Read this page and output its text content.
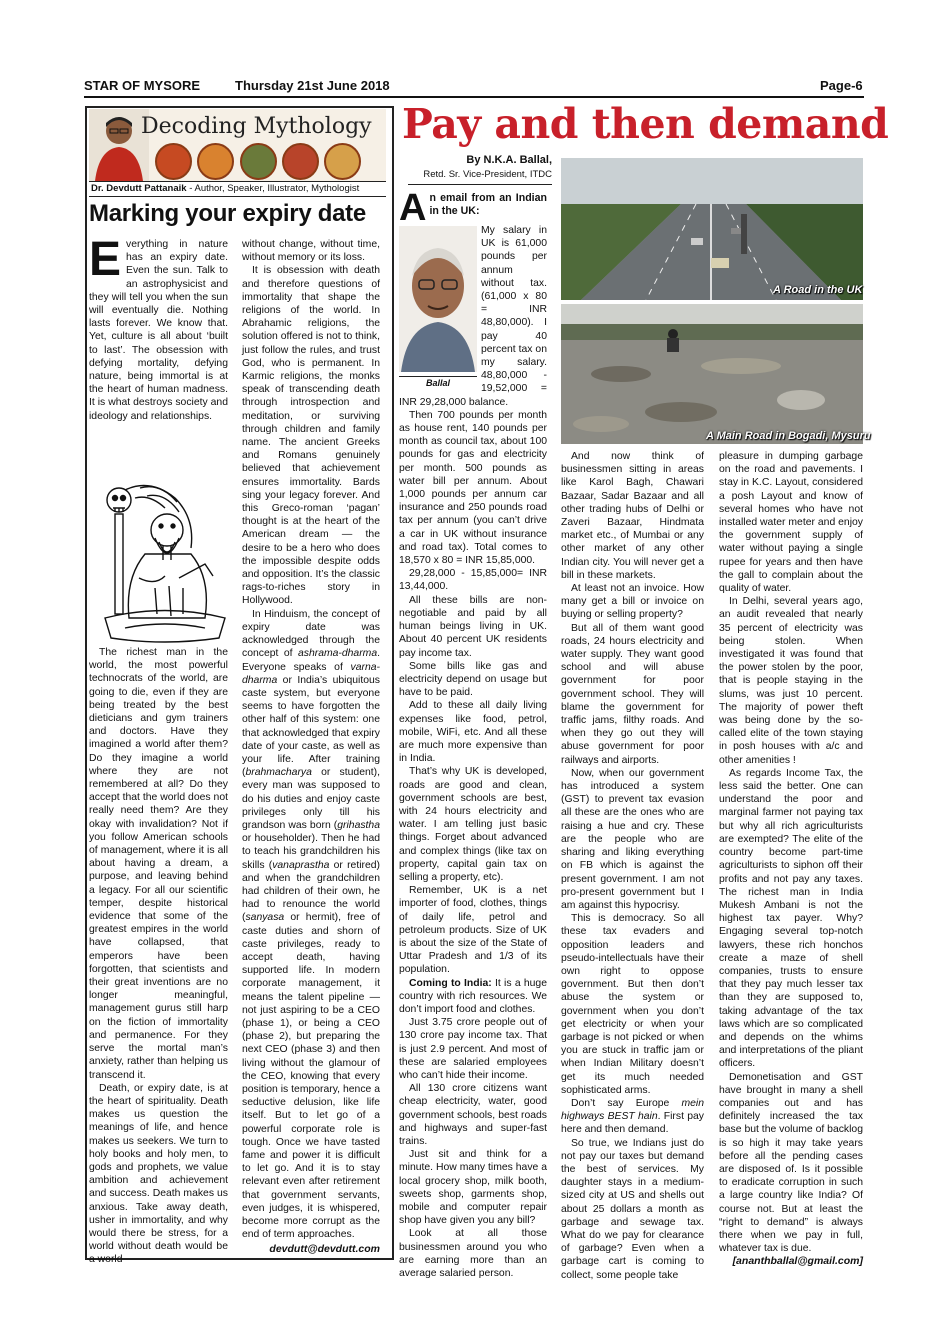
STAR OF MYSORE	Thursday 21st June 2018	Page-6
Decoding Mythology
Dr. Devdutt Pattanaik - Author, Speaker, Illustrator, Mythologist
Marking your expiry date
E verything in nature has an expiry date. Even the sun. Talk to an astrophysicist and they will tell you when the sun will eventually die. Nothing lasts forever. We know that. Yet, culture is all about ‘built to last’. The obsession with defying mortality, defying nature, being immortal is at the heart of human madness. It is what destroys society and ideology and relationships.

The richest man in the world, the most powerful technocrats of the world, are going to die, even if they are being treated by the best dieticians and gym trainers and doctors. Have they imagined a world after them? Do they imagine a world where they are not remembered at all? Do they accept that the world does not really need them? Are they okay with invalidation? Not if you follow American schools of management, where it is all about having a dream, a purpose, and leaving behind a legacy. For all our scientific temper, despite historical evidence that some of the greatest empires in the world have collapsed, that emperors have been forgotten, that scientists and their great inventions are no longer meaningful, management gurus still harp on the fiction of immortality and permanence. For they serve the mortal man’s anxiety, rather than helping us transcend it.

Death, or expiry date, is at the heart of spirituality. Death makes us question the meanings of life, and hence makes us seekers. We turn to holy books and holy men, to gods and prophets, we value ambition and achievement and success. Death makes us anxious. Take away death, usher in immortality, and why would there be stress, for a world without death would be a world

without change, without time, without memory or its loss.

It is obsession with death and therefore questions of immortality that shape the religions of the world. In Abrahamic religions, the solution offered is not to think, just follow the rules, and trust God, who is permanent. In Karmic religions, the monks speak of transcending death through introspection and meditation, or surviving through children and family name. The ancient Greeks and Romans genuinely believed that achievement ensures immortality. Bards sing your legacy forever. And this Greco-roman ‘pagan’ thought is at the heart of the American dream — the desire to be a hero who does the impossible despite odds and opposition. It’s the classic rags-to-riches story in Hollywood.

In Hinduism, the concept of expiry date was acknowledged through the concept of ashrama-dharma. Everyone speaks of varna-dharma or India’s ubiquitous caste system, but everyone seems to have forgotten the other half of this system: one that acknowledged that expiry date of your caste, as well as your life. After training (brahmacharya or student), every man was supposed to do his duties and enjoy caste privileges only till his grandson was born (grihastha or householder). Then he had to teach his grandchildren his skills (vanaprastha or retired) and when the grandchildren had children of their own, he had to renounce the world (sanyasa or hermit), free of caste duties and shorn of caste privileges, ready to accept death, having supported life. In modern corporate management, it means the talent pipeline — not just aspiring to be a CEO (phase 1), or being a CEO (phase 2), but preparing the next CEO (phase 3) and then living without the glamour of the CEO, knowing that every position is temporary, hence a seductive delusion, like life itself. But to let go of a powerful corporate role is tough. Once we have tasted fame and power it is difficult to let go. And it is to stay relevant even after retirement that government servants, even judges, it is whispered, become more corrupt as the end of term approaches.

devdutt@devdutt.com
Pay and then demand
By N.K.A. Ballal,
Retd. Sr. Vice-President, ITDC
A Road in the UK
A Main Road in Bogadi, Mysuru
A n email from an Indian in the UK:
Ballal

My salary in UK is 61,000 pounds per annum without tax. (61,000 x 80 = INR 48,80,000). I pay 40 percent tax on my salary. 48,80,000 - 19,52,000 = INR 29,28,000 balance.

Then 700 pounds per month as house rent, 140 pounds per month as council tax, about 100 pounds for gas and electricity per month. 500 pounds as water bill per annum. About 1,000 pounds per annum car insurance and 250 pounds road tax per annum (you can’t drive a car in UK without insurance and road tax). Total comes to 18,570 x 80 = INR 15,85,000.

29,28,000 - 15,85,000= INR 13,44,000.

All these bills are non-negotiable and paid by all human beings living in UK. About 40 percent UK residents pay income tax.

Some bills like gas and electricity depend on usage but have to be paid.

Add to these all daily living expenses like food, petrol, mobile, WiFi, etc. And all these are much more expensive than in India.

That’s why UK is developed, roads are good and clean, government schools are best, with 24 hours electricity and water. I am telling just basic things. Forget about advanced and complex things (like tax on property, capital gain tax on selling a property, etc).

Remember, UK is a net importer of food, clothes, things of daily life, petrol and petroleum products. Size of UK is about the size of the State of Uttar Pradesh and 1/3 of its population.

Coming to India: It is a huge country with rich resources. We don’t import food and clothes.

Just 3.75 crore people out of 130 crore pay income tax. That is just 2.9 percent. And most of these are salaried employees who can’t hide their income.

All 130 crore citizens want cheap electricity, water, good government schools, best roads and highways and super-fast trains.

Just sit and think for a minute. How many times have a local grocery shop, milk booth, sweets shop, garments shop, mobile and computer repair shop have given you any bill?

Look at all those businessmen around you who are earning more than an average salaried person.

And now think of businessmen sitting in areas like Karol Bagh, Chawari Bazaar, Sadar Bazaar and all other trading hubs of Delhi or Zaveri Bazaar, Hindmata market etc., of Mumbai or any other market of any other Indian city. You will never get a bill in these markets.

At least not an invoice. How many get a bill or invoice on buying or selling property?

But all of them want good roads, 24 hours electricity and water supply. They want good school and will abuse government for poor government school. They will blame the government for traffic jams, filthy roads. And when they go out they will abuse government for poor railways and airports.

Now, when our government has introduced a system (GST) to prevent tax evasion all these are the ones who are raising a hue and cry. These are the people who are sharing and liking everything on FB which is against the present government. I am not pro-present government but I am against this hypocrisy.

This is democracy. So all these tax evaders and opposition leaders and pseudo-intellectuals have their own right to oppose government. But then don’t abuse the system or government when you don’t get electricity or when your garbage is not picked or when you are stuck in traffic jam or when Indian Military doesn’t get its much needed sophisticated arms.

Don’t say Europe mein highways BEST hain. First pay here and then demand.

So true, we Indians just do not pay our taxes but demand the best of services. My daughter stays in a medium-sized city at US and shells out about 25 dollars a month as garbage and sewage tax. What do we pay for clearance of garbage? Even when a garbage cart is coming to collect, some people take

pleasure in dumping garbage on the road and pavements. I stay in K.C. Layout, considered a posh Layout and know of several homes who have not installed water meter and enjoy the government supply of water without paying a single rupee for years and then have the gall to complain about the quality of water.

In Delhi, several years ago, an audit revealed that nearly 35 percent of electricity was being stolen. When investigated it was found that the power stolen by the poor, that is people staying in the slums, was just 10 percent. The majority of power theft was being done by the so-called elite of the town staying in posh houses with a/c and other amenities !

As regards Income Tax, the less said the better. One can understand the poor and marginal farmer not paying tax but why all rich agriculturists are exempted? The elite of the country become part-time agriculturists to siphon off their profits and not pay any taxes. The richest man in India Mukesh Ambani is not the highest tax payer. Why? Engaging several top-notch lawyers, these rich honchos create a maze of shell companies, trusts to ensure that they pay much lesser tax than they are supposed to, taking advantage of the tax laws which are so complicated and depends on the whims and interpretations of the pliant officers.

Demonetisation and GST have brought in many a shell companies out and has definitely increased the tax base but the volume of backlog is so high it may take years before all the pending cases are disposed of. Is it possible to eradicate corruption in such a large country like India? Of course not. But at least the “right to demand” is always there when we pay in full, whatever tax is due.

[ananthballal@gmail.com]
